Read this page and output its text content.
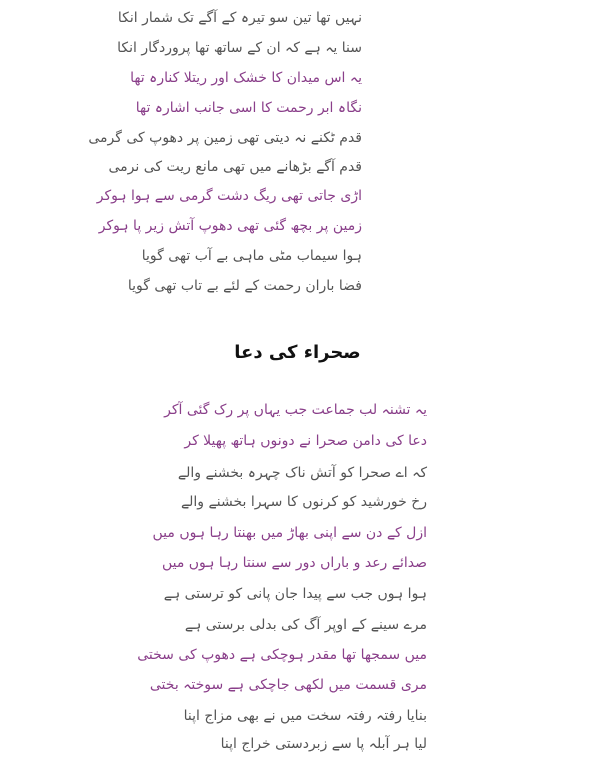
نہیں تھا تین سو تیرہ کے آگے تک شمار انکا
سنا یہ ہے کہ ان کے ساتھ تھا پروردگار انکا
یہ اس میدان کا خشک اور ریتلا کنارہ تھا
نگاہ ابر رحمت کا اسی جانب اشارہ تھا
قدم ٹکنے نہ دیتی تھی زمین پر دھوپ کی گرمی
قدم آگے بڑھانے میں تھی مانع ریت کی نرمی
اڑی جاتی تھی ریگ دشت گرمی سے ہوا ہوکر
زمین پر بچھ گئی تھی دھوپ آتش زیر پا ہوکر
ہوا سیماب مٹی ماہی بے آب تھی گویا
فضا باران رحمت کے لئے بے تاب تھی گویا
صحراء کی دعا
یہ تشنہ لب جماعت جب یہاں پر رک گئی آکر
دعا کی دامن صحرا نے دونوں ہاتھ پھیلا کر
کہ اے صحرا کو آتش ناک چہرہ بخشنے والے
رخ خورشید کو کرنوں کا سہرا بخشنے والے
ازل کے دن سے اپنی بھاڑ میں بھنتا رہا ہوں میں
صدائے رعد و باراں دور سے سنتا رہا ہوں میں
ہوا ہوں جب سے پیدا جان پانی کو ترستی ہے
مرے سینے کے اوپر آگ کی بدلی برستی ہے
میں سمجھا تھا مقدر ہوچکی ہے دھوپ کی سختی
مری قسمت میں لکھی جاچکی ہے سوختہ بختی
بنایا رفتہ رفتہ سخت میں نے بھی مزاج اپنا
لیا ہر آبلہ پا سے زبردستی خراج اپنا
